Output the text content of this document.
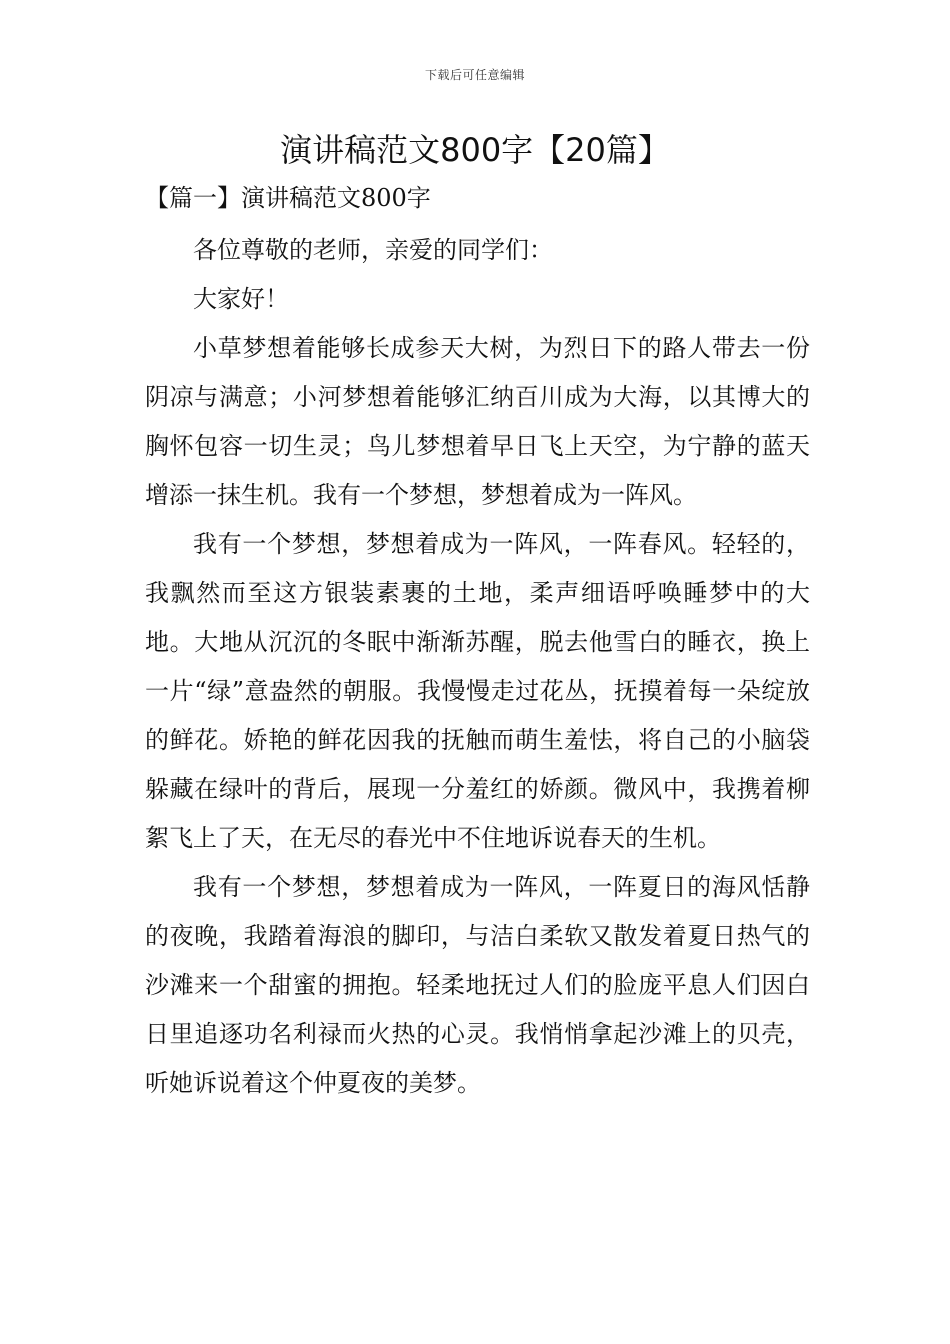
下载后可任意编辑
演讲稿范文800字【20篇】
【篇一】演讲稿范文800字

各位尊敬的老师，亲爱的同学们：

大家好！

小草梦想着能够长成参天大树，为烈日下的路人带去一份阴凉与满意；小河梦想着能够汇纳百川成为大海，以其博大的胸怀包容一切生灵；鸟儿梦想着早日飞上天空，为宁静的蓝天增添一抹生机。我有一个梦想，梦想着成为一阵风。

我有一个梦想，梦想着成为一阵风，一阵春风。轻轻的，我飘然而至这方银装素裹的土地，柔声细语呼唤睡梦中的大地。大地从沉沉的冬眠中渐渐苏醒，脱去他雪白的睡衣，换上一片“绿”意盎然的朝服。我慢慢走过花丛，抚摸着每一朵绽放的鲜花。娇艳的鲜花因我的抚触而萌生羞怯，将自己的小脑袋躲藏在绿叶的背后，展现一分羞红的娇颜。微风中，我携着柳絮飞上了天，在无尽的春光中不住地诉说春天的生机。

我有一个梦想，梦想着成为一阵风，一阵夏日的海风恬静的夜晚，我踏着海浪的脚印，与洁白柔软又散发着夏日热气的沙滩来一个甜蜜的拥抱。轻柔地抚过人们的脸庞平息人们因白日里追逐功名利禄而火热的心灵。我悄悄拿起沙滩上的贝壳，听她诉说着这个仲夏夜的美梦。
